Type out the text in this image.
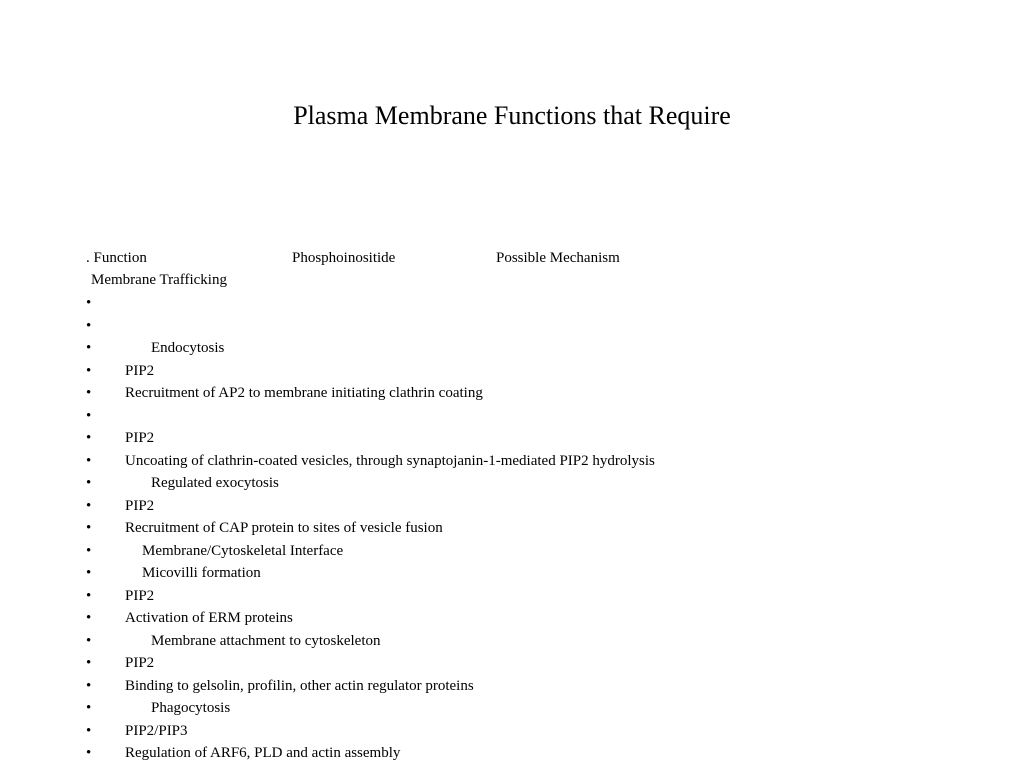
Plasma Membrane Functions that Require
. Function	Phosphoinositide	Possible Mechanism
Membrane Trafficking
•
•
•	Endocytosis
• PIP2
• Recruitment of AP2 to membrane initiating clathrin coating
•
• PIP2
• Uncoating of clathrin-coated vesicles, through synaptojanin-1-mediated PIP2 hydrolysis
•	Regulated exocytosis
• PIP2
• Recruitment of CAP protein to sites of vesicle fusion
•	Membrane/Cytoskeletal Interface
•	Micovilli formation
• PIP2
• Activation of ERM proteins
•	Membrane attachment to cytoskeleton
• PIP2
• Binding to gelsolin, profilin, other actin regulator proteins
•	Phagocytosis
• PIP2/PIP3
• Regulation of ARF6, PLD and actin assembly
